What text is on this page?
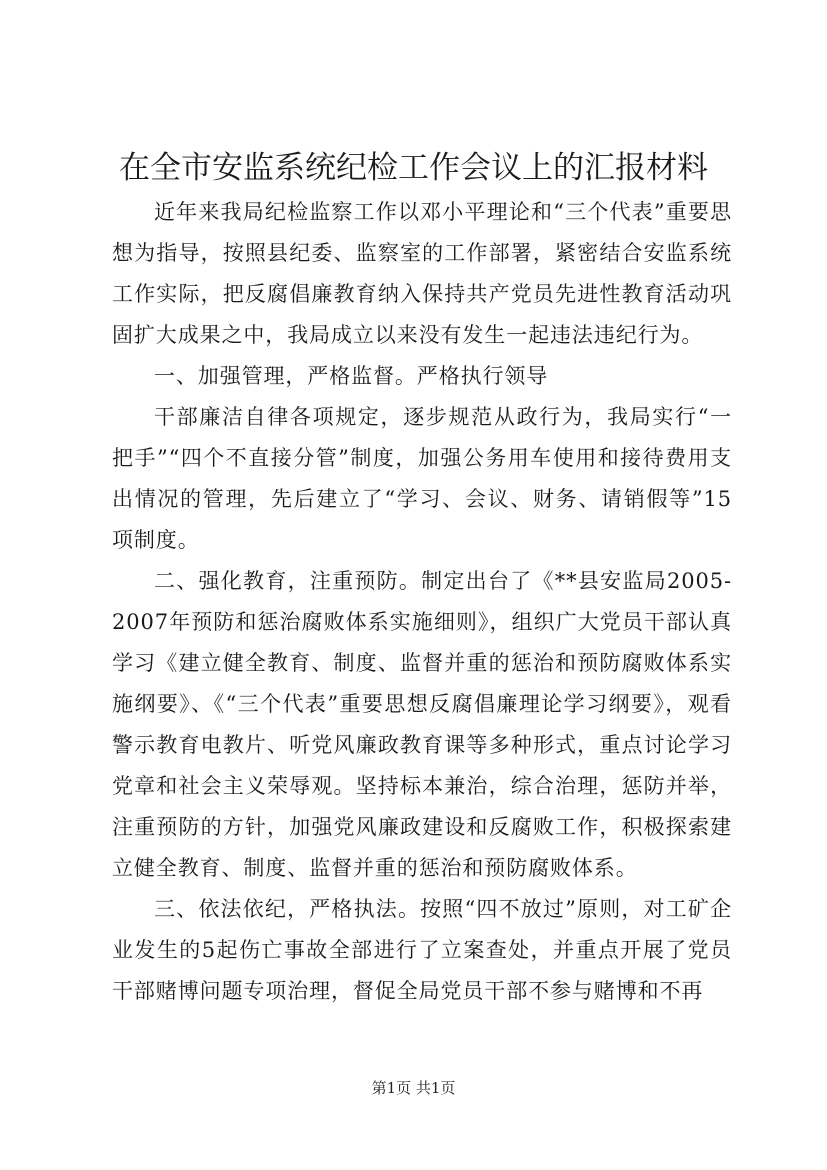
在全市安监系统纪检工作会议上的汇报材料

近年来我局纪检监察工作以邓小平理论和“三个代表”重要思想为指导，按照县纪委、监察室的工作部署，紧密结合安监系统工作实际，把反腐倡廉教育纳入保持共产党员先进性教育活动巩固扩大成果之中，我局成立以来没有发生一起违法违纪行为。

一、加强管理，严格监督。严格执行领导

干部廉洁自律各项规定，逐步规范从政行为，我局实行“一把手”“四个不直接分管”制度，加强公务用车使用和接待费用支出情况的管理，先后建立了“学习、会议、财务、请销假等”15项制度。

二、强化教育，注重预防。制定出台了《**县安监局2005-2007年预防和惩治腐败体系实施细则》，组织广大党员干部认真学习《建立健全教育、制度、监督并重的惩治和预防腐败体系实施纲要》、《“三个代表”重要思想反腐倡廉理论学习纲要》，观看警示教育电教片、听党风廉政教育课等多种形式，重点讨论学习党章和社会主义荣辱观。坚持标本兼治，综合治理，惩防并举，注重预防的方针，加强党风廉政建设和反腐败工作，积极探索建立健全教育、制度、监督并重的惩治和预防腐败体系。

三、依法依纪，严格执法。按照“四不放过”原则，对工矿企业发生的5起伤亡事故全部进行了立案查处，并重点开展了党员干部赌博问题专项治理，督促全局党员干部不参与赌博和不再

第1页 共1页
